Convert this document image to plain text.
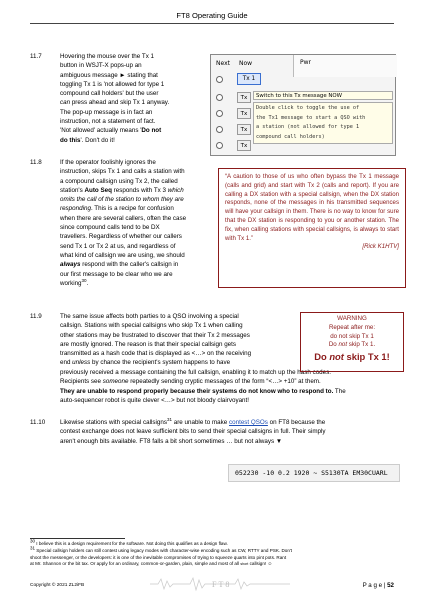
FT8 Operating Guide
11.7	Hovering the mouse over the Tx 1
button in WSJT-X pops-up an
ambiguous message ► stating that
toggling Tx 1 is 'not allowed for type 1
compound call holders' but the user
can press ahead and skip Tx 1 anyway.
The pop-up message is in fact an
instruction, not a statement of fact.
'Not allowed' actually means 'Do not
do this'. Don't do it!
Next Now	Pwr
Tx 1
Tx
Tx
Tx
Tx
Switch to this Tx message NOW
Double click to toggle the use of
the Tx1 message to start a QSO with
a station (not allowed for type 1
compound call holders)
11.8	If the operator foolishly ignores the
instruction, skips Tx 1 and calls a station with
a compound callsign using Tx 2, the called
station's Auto Seq responds with Tx 3 which
omits the call of the station to whom they are
responding. This is a recipe for confusion
when there are several callers, often the case
since compound calls tend to be DX
travellers. Regardless of whether our callers
send Tx 1 or Tx 2 at us, and regardless of
what kind of callsign we are using, we should
always respond with the caller's callsign in
our first message to be clear who we are
working$^{30}$.
“A caution to those of us who often bypass the Tx 1 message (calls and grid) and start with Tx 2 (calls and report). If you are calling a DX station with a special callsign, when the DX station responds, none of the messages in his transmitted sequences will have your callsign in them. There is no way to know for sure that the DX station is responding to you or another station. The fix, when calling stations with special callsigns, is always to start with Tx 1.”
[Rick K1HTV]
11.9	The same issue affects both parties to a QSO involving a special
callsign. Stations with special callsigns who skip Tx 1 when calling
other stations may be frustrated to discover that their Tx 2 messages
are mostly ignored. The reason is that their special callsign gets
transmitted as a hash code that is displayed as <…> on the receiving
end unless by chance the recipient's system happens to have
previously received a message containing the full callsign, enabling it to match up the hash codes.
Recipients see someone repeatedly sending cryptic messages of the form “<…> +10” at them.
They are unable to respond properly because their systems do not know who to respond to. The
auto-sequencer robot is quite clever <…> but not bloody clairvoyant!
WARNING
Repeat after me:
do not skip Tx 1
Do not skip Tx 1.
Do not skip Tx 1!
11.10 Likewise stations with special callsigns$^{31}$ are unable to make contest QSOs on FT8 because the
contest exchange does not leave sufficient bits to send their special callsigns in full. Their simply
aren't enough bits available. FT8 falls a bit short sometimes … but not always ▼
052230 -10 0.2 1920 ~ S5130TA EM30CUARL
30 I believe this is a design requirement for the software. Not doing this qualifies as a design flaw.
31 Special callsign holders can still contest using legacy modes with character-wise encoding such as CW, RTTY and PSK. Don't
shoot the messenger, or the developers: it is one of the inevitable compromises of trying to squeeze quarts into pint pots. Rant
at Mr. Shannon or the bit tax. Or apply for an ordinary, common-or-garden, plain, simple and most of all short callsign! ☺
Copyright © 2021 ZL2iFB	FT8	P a g e | 52
